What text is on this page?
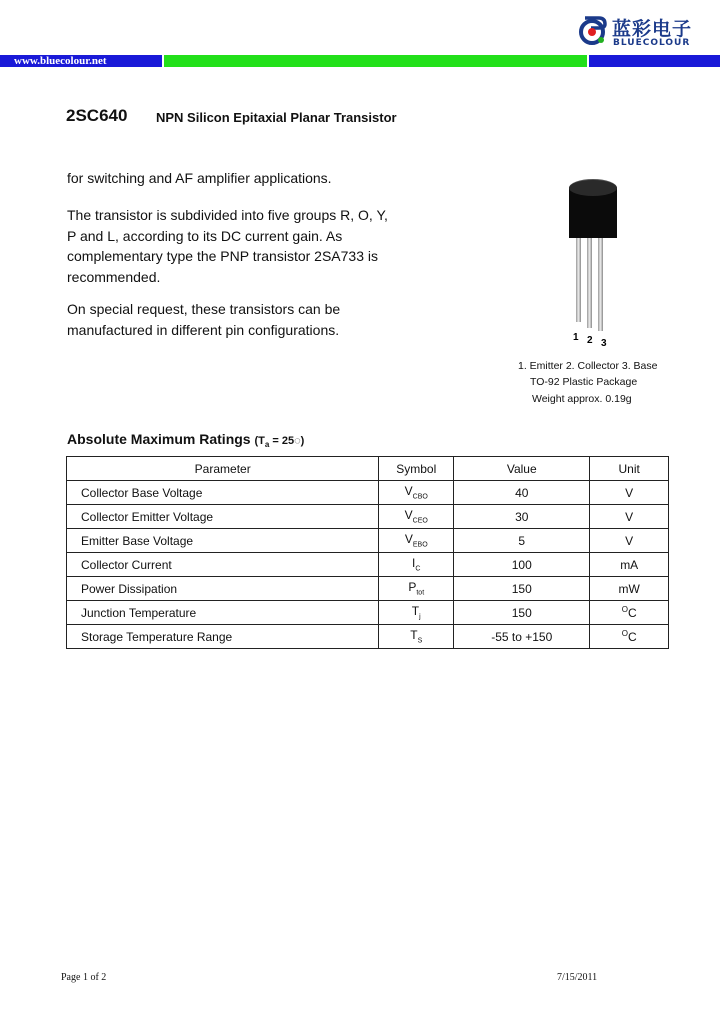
蓝彩电子
BLUECOLOUR
www.bluecolour.net
2SC640 NPN Silicon Epitaxial Planar Transistor

for switching and AF amplifier applications.

The transistor is subdivided into five groups R, O, Y, P and L, according to its DC current gain. As complementary type the PNP transistor 2SA733 is recommended.

On special request, these transistors can be manufactured in different pin configurations.	1 2 3
1. Emitter 2. Collector 3. Base
TO-92 Plastic Package
Weight approx. 0.19g
Absolute Maximum Ratings ($T_a$ = 25◌)
Parameter	Symbol	Value	Unit
Collector Base Voltage	$V_{CBO}$	40	V
Collector Emitter Voltage	$V_{CEO}$	30	V
Emitter Base Voltage	$V_{EBO}$	5	V
Collector Current	$I_C$	100	mA
Power Dissipation	$P_{tot}$	150	mW
Junction Temperature	$T_j$	150	$^O$C
Storage Temperature Range	$T_S$	-55 to +150	$^O$C
Page 1 of 2	7/15/2011
